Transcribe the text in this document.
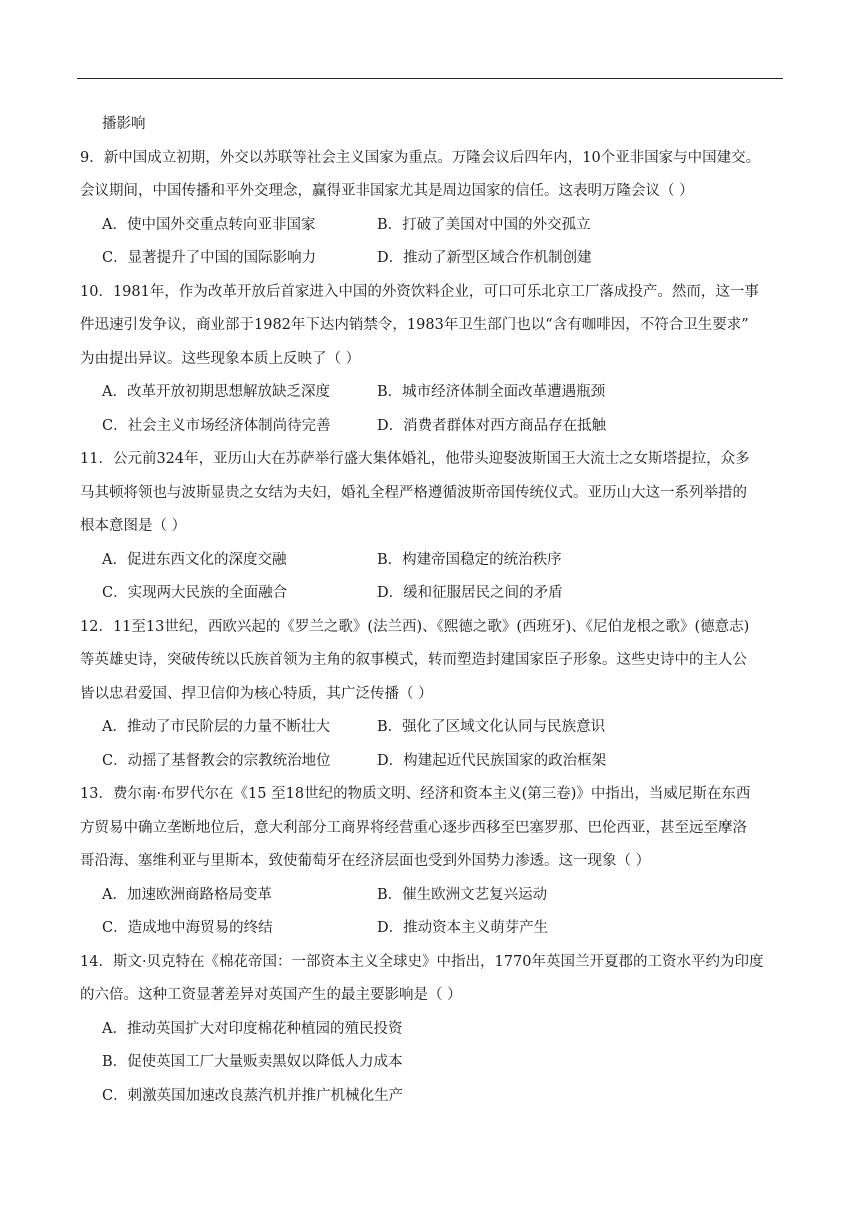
播影响
9．新中国成立初期，外交以苏联等社会主义国家为重点。万隆会议后四年内，10个亚非国家与中国建交。
会议期间，中国传播和平外交理念，赢得亚非国家尤其是周边国家的信任。这表明万隆会议（ ）
A．使中国外交重点转向亚非国家	B．打破了美国对中国的外交孤立
C．显著提升了中国的国际影响力	D．推动了新型区域合作机制创建
10．1981年，作为改革开放后首家进入中国的外资饮料企业，可口可乐北京工厂落成投产。然而，这一事
件迅速引发争议，商业部于1982年下达内销禁令，1983年卫生部门也以“含有咖啡因，不符合卫生要求”
为由提出异议。这些现象本质上反映了（ ）
A．改革开放初期思想解放缺乏深度	B．城市经济体制全面改革遭遇瓶颈
C．社会主义市场经济体制尚待完善	D．消费者群体对西方商品存在抵触
11．公元前324年，亚历山大在苏萨举行盛大集体婚礼，他带头迎娶波斯国王大流士之女斯塔提拉，众多
马其顿将领也与波斯显贵之女结为夫妇，婚礼全程严格遵循波斯帝国传统仪式。亚历山大这一系列举措的
根本意图是（ ）
A．促进东西文化的深度交融	B．构建帝国稳定的统治秩序
C．实现两大民族的全面融合	D．缓和征服居民之间的矛盾
12．11至13世纪，西欧兴起的《罗兰之歌》(法兰西)、《熙德之歌》(西班牙)、《尼伯龙根之歌》(德意志)
等英雄史诗，突破传统以氏族首领为主角的叙事模式，转而塑造封建国家臣子形象。这些史诗中的主人公
皆以忠君爱国、捍卫信仰为核心特质，其广泛传播（ ）
A．推动了市民阶层的力量不断壮大	B．强化了区域文化认同与民族意识
C．动摇了基督教会的宗教统治地位	D．构建起近代民族国家的政治框架
13．费尔南·布罗代尔在《15 至18世纪的物质文明、经济和资本主义(第三卷)》中指出，当威尼斯在东西
方贸易中确立垄断地位后，意大利部分工商界将经营重心逐步西移至巴塞罗那、巴伦西亚，甚至远至摩洛
哥沿海、塞维利亚与里斯本，致使葡萄牙在经济层面也受到外国势力渗透。这一现象（ ）
A．加速欧洲商路格局变革	B．催生欧洲文艺复兴运动
C．造成地中海贸易的终结	D．推动资本主义萌芽产生
14．斯文·贝克特在《棉花帝国：一部资本主义全球史》中指出，1770年英国兰开夏郡的工资水平约为印度
的六倍。这种工资显著差异对英国产生的最主要影响是（ ）
A．推动英国扩大对印度棉花种植园的殖民投资
B．促使英国工厂大量贩卖黑奴以降低人力成本
C．刺激英国加速改良蒸汽机并推广机械化生产
